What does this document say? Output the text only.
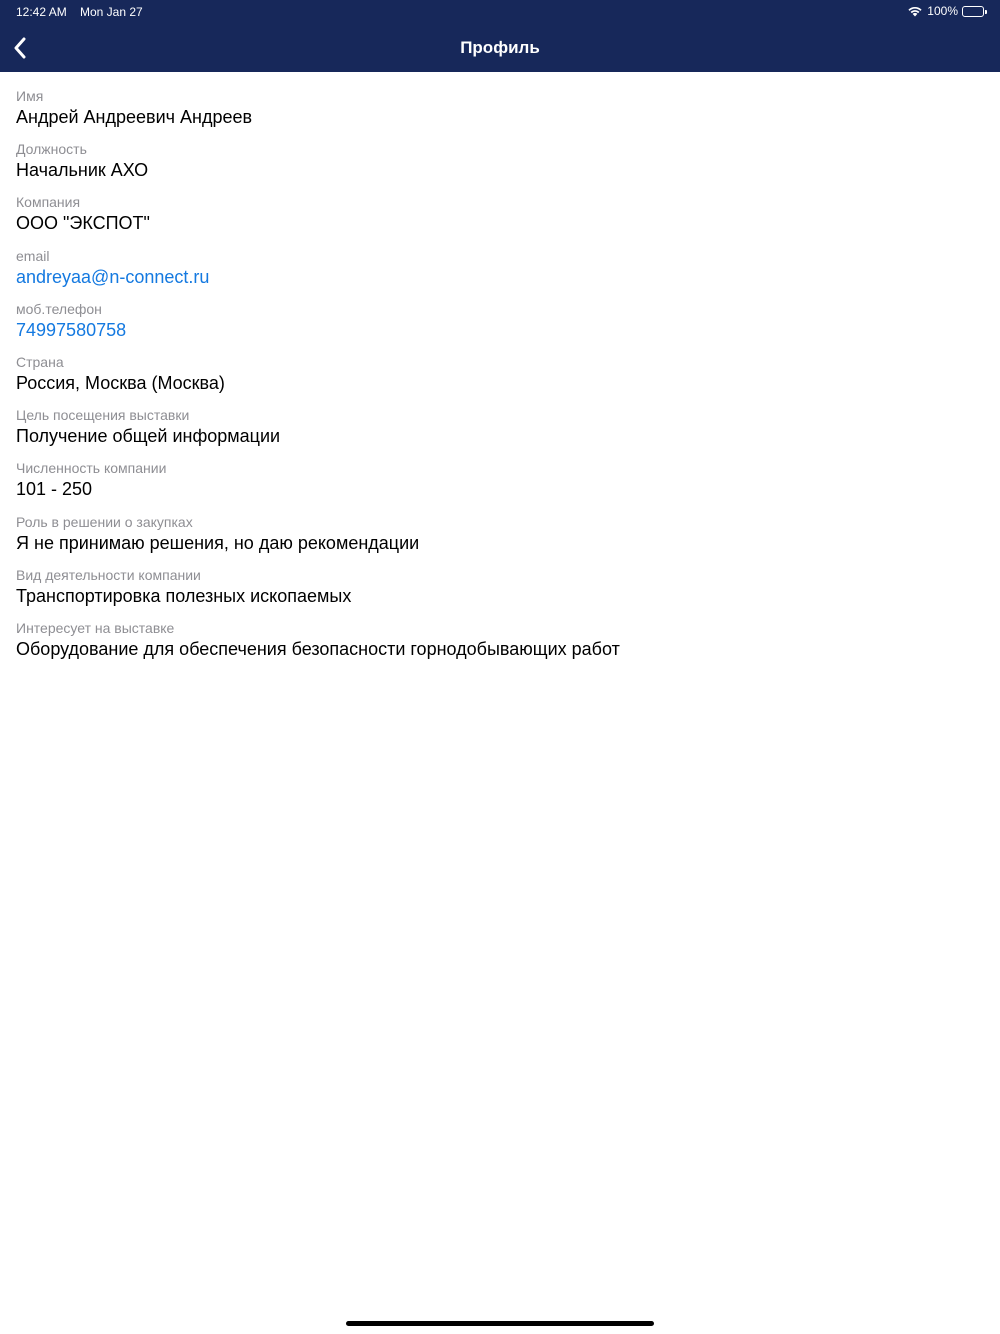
12:42 AM Mon Jan 27	100%
Профиль
Имя
Андрей Андреевич Андреев
Должность
Начальник АХО
Компания
ООО "ЭКСПОТ"
email
andreyaa@n-connect.ru
моб.телефон
74997580758
Страна
Россия, Москва (Москва)
Цель посещения выставки
Получение общей информации
Численность компании
101 - 250
Роль в решении о закупках
Я не принимаю решения, но даю рекомендации
Вид деятельности компании
Транспортировка полезных ископаемых
Интересует на выставке
Оборудование для обеспечения безопасности горнодобывающих работ
